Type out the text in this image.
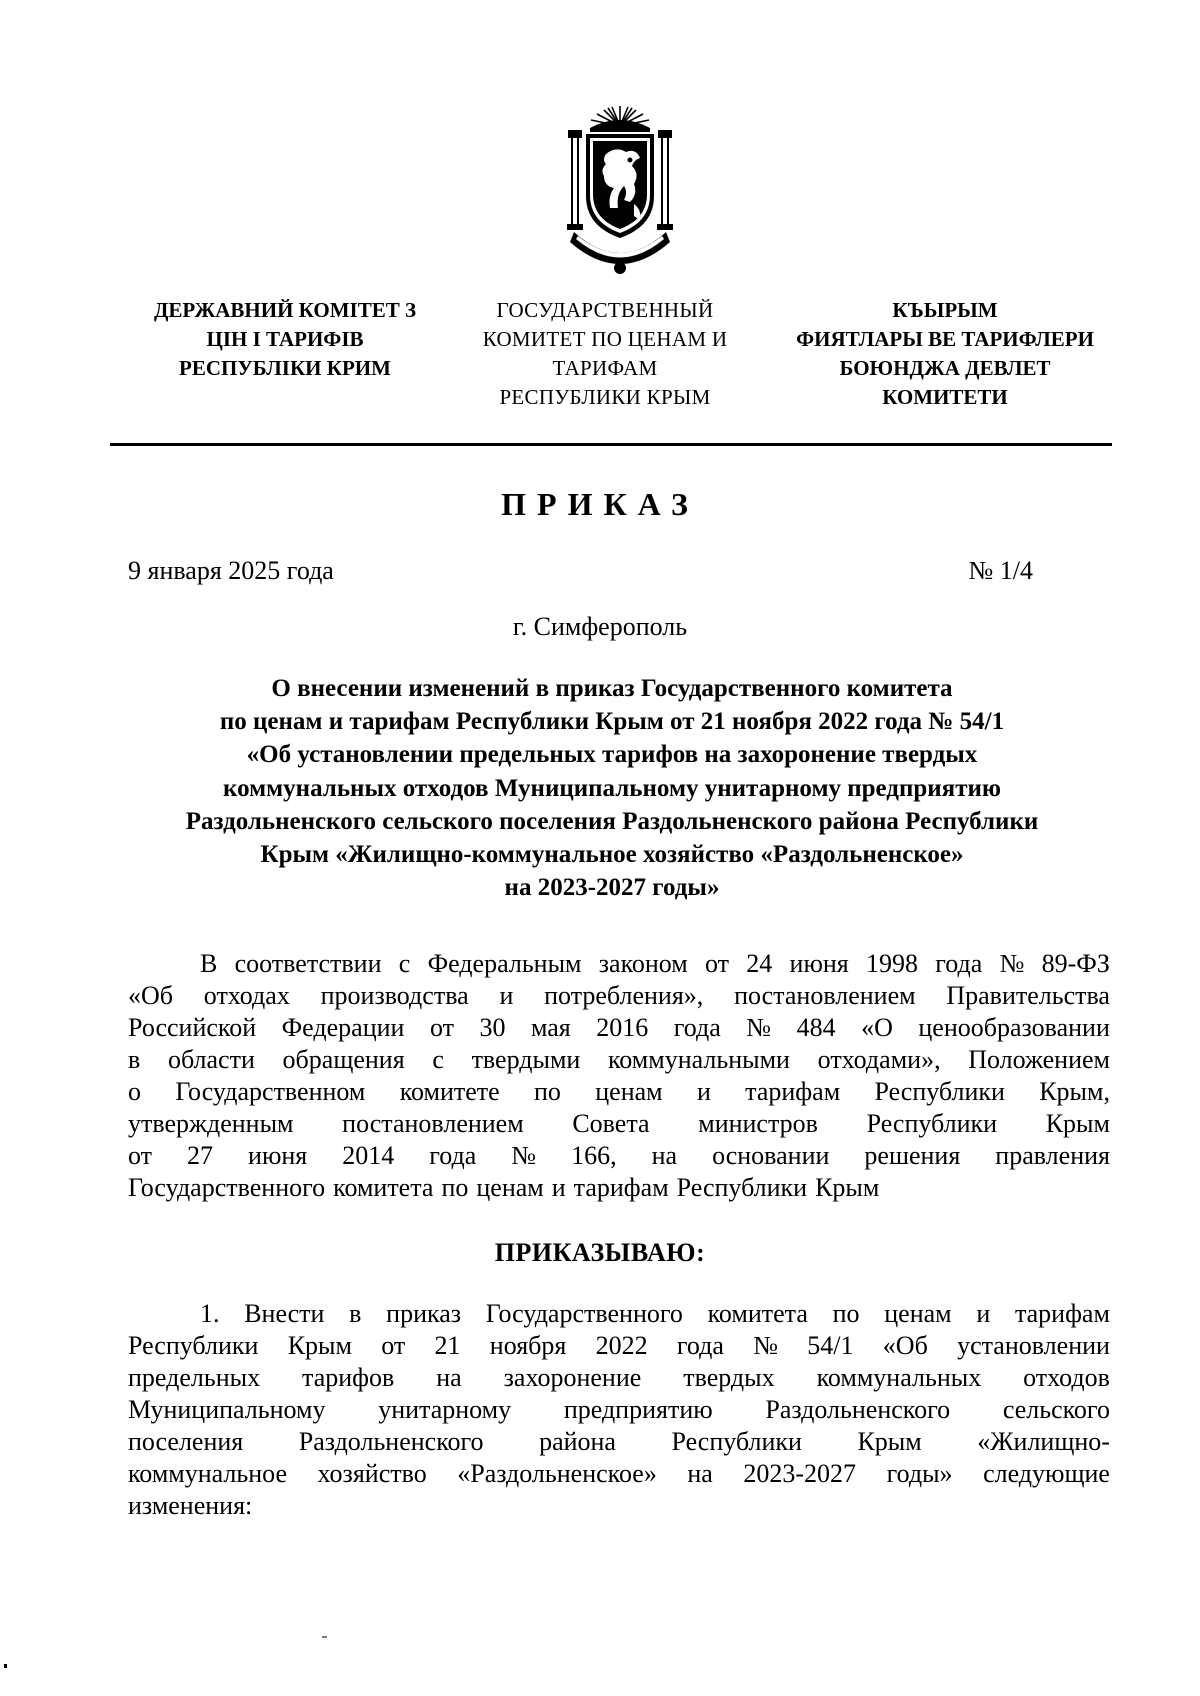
ДЕРЖАВНИЙ КОМІТЕТ З
ЦІН І ТАРИФІВ
РЕСПУБЛІКИ КРИМ
ГОСУДАРСТВЕННЫЙ
КОМИТЕТ ПО ЦЕНАМ И
ТАРИФАМ
РЕСПУБЛИКИ КРЫМ
КЪЫРЫМ
ФИЯТЛАРЫ ВЕ ТАРИФЛЕРИ
БОЮНДЖА ДЕВЛЕТ
КОМИТЕТИ
ПРИКАЗ
9 января 2025 года	№ 1/4
г. Симферополь
О внесении изменений в приказ Государственного комитета
по ценам и тарифам Республики Крым от 21 ноября 2022 года № 54/1
«Об установлении предельных тарифов на захоронение твердых
коммунальных отходов Муниципальному унитарному предприятию
Раздольненского сельского поселения Раздольненского района Республики
Крым «Жилищно-коммунальное хозяйство «Раздольненское»
на 2023-2027 годы»
В соответствии с Федеральным законом от 24 июня 1998 года № 89-ФЗ
«Об отходах производства и потребления», постановлением Правительства
Российской Федерации от 30 мая 2016 года № 484 «О ценообразовании
в области обращения с твердыми коммунальными отходами», Положением
о Государственном комитете по ценам и тарифам Республики Крым,
утвержденным постановлением Совета министров Республики Крым
от 27 июня 2014 года № 166, на основании решения правления
Государственного комитета по ценам и тарифам Республики Крым
ПРИКАЗЫВАЮ:
1. Внести в приказ Государственного комитета по ценам и тарифам
Республики Крым от 21 ноября 2022 года № 54/1 «Об установлении
предельных тарифов на захоронение твердых коммунальных отходов
Муниципальному унитарному предприятию Раздольненского сельского
поселения Раздольненского района Республики Крым «Жилищно-
коммунальное хозяйство «Раздольненское» на 2023-2027 годы» следующие
изменения:
